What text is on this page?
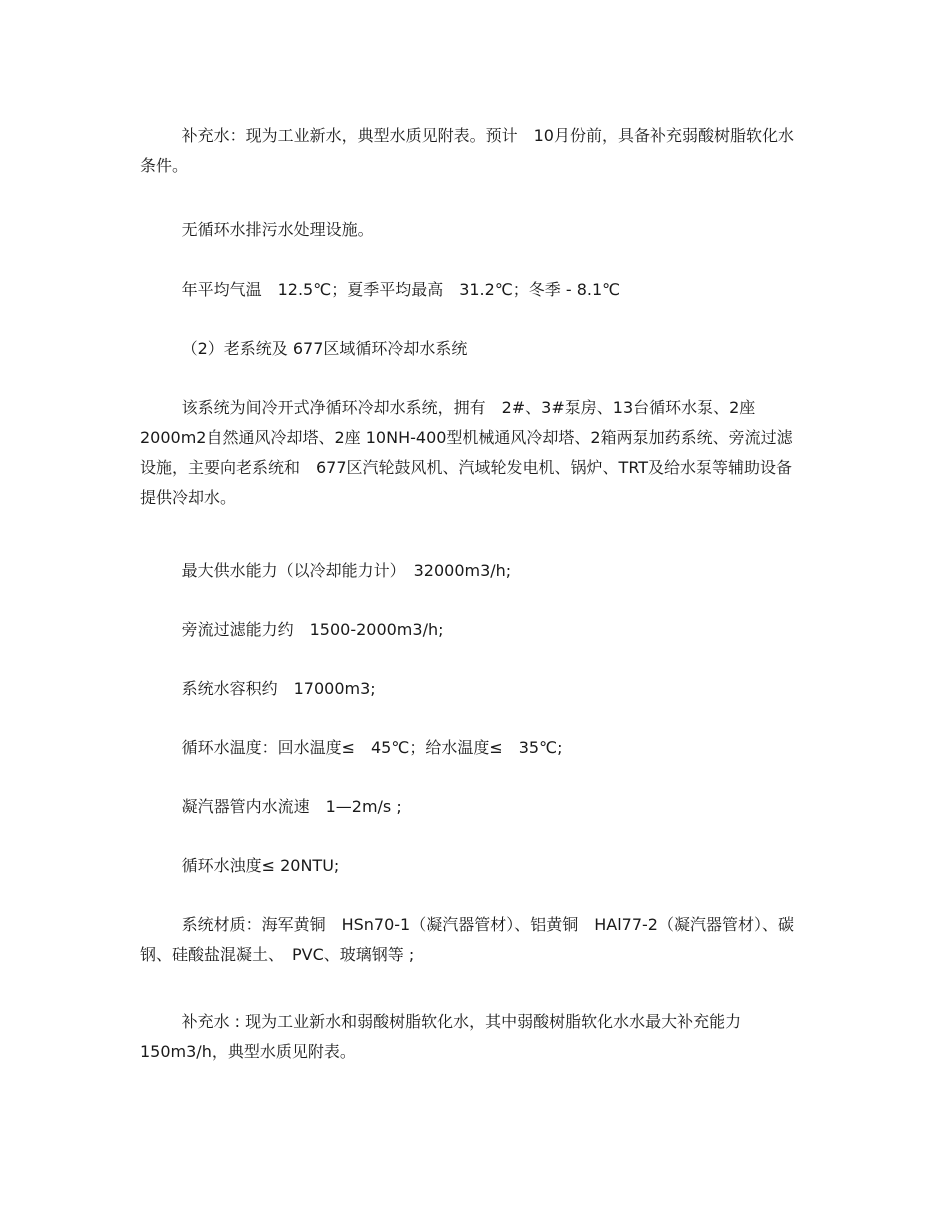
补充水：现为工业新水，典型水质见附表。预计　10月份前，具备补充弱酸树脂软化水条件。

无循环水排污水处理设施。

年平均气温　12.5℃；夏季平均最高　31.2℃；冬季 - 8.1℃

（2）老系统及 677区域循环冷却水系统

该系统为间冷开式净循环冷却水系统，拥有　2#、3#泵房、13台循环水泵、2座 2000m2自然通风冷却塔、2座 10NH-400型机械通风冷却塔、2箱两泵加药系统、旁流过滤设施，主要向老系统和　677区汽轮鼓风机、汽域轮发电机、锅炉、TRT及给水泵等辅助设备提供冷却水。

最大供水能力（以冷却能力计）　32000m3/h;

旁流过滤能力约　1500-2000m3/h;

系统水容积约　17000m3;

循环水温度：回水温度≤　45℃；给水温度≤　35℃;

凝汽器管内水流速　1—2m/s ;

循环水浊度≤ 20NTU;

系统材质：海军黄铜　HSn70-1（凝汽器管材）、铝黄铜　HAl77-2（凝汽器管材）、碳钢、硅酸盐混凝土、　PVC、玻璃钢等 ;

补充水 : 现为工业新水和弱酸树脂软化水，其中弱酸树脂软化水水最大补充能力 150m3/h，典型水质见附表。
